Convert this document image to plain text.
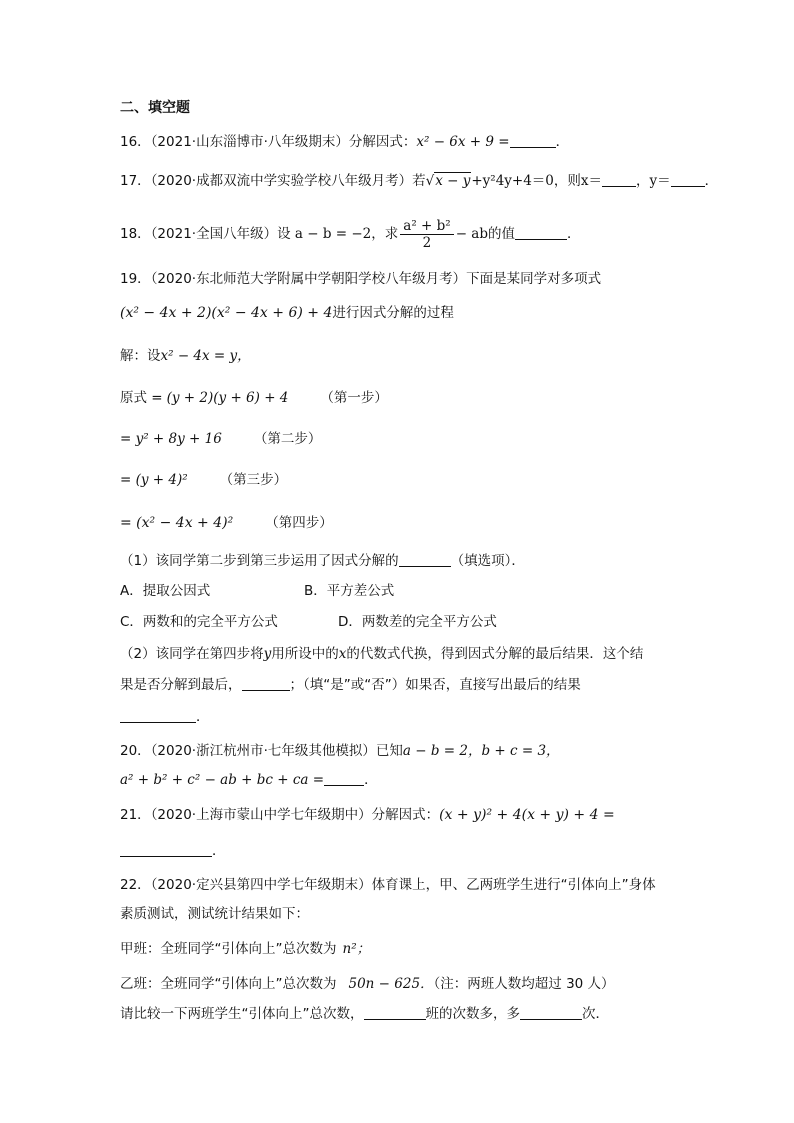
二、填空题
16．（2021·山东淄博市·八年级期末）分解因式：x² − 6x + 9 =	．
17．（2020·成都双流中学实验学校八年级月考）若√x − y+y²4y+4＝0，则x＝	，y＝	．
18．（2021·全国八年级）设 a − b = −2，求 $\frac{\text{a² + b²}}{2}$ − ab的值	．
19．（2020·东北师范大学附属中学朝阳学校八年级月考）下面是某同学对多项式
(x² − 4x + 2)(x² − 4x + 6) + 4进行因式分解的过程
解：设x² − 4x = y，
原式 = (y + 2)(y + 6) + 4 （第一步）
= y² + 8y + 16 （第二步）
= (y + 4)² （第三步）
= (x² − 4x + 4)² （第四步）
（1）该同学第二步到第三步运用了因式分解的	（填选项）．
A．提取公因式	B．平方差公式
C．两数和的完全平方公式	D．两数差的完全平方公式
（2）该同学在第四步将y用所设中的x的代数式代换，得到因式分解的最后结果．这个结
果是否分解到最后，	；（填“是”或“否”）如果否，直接写出最后的结果
．
20．（2020·浙江杭州市·七年级其他模拟）已知a − b = 2，b + c = 3，
a² + b² + c² − ab + bc + ca =	．
21．（2020·上海市蒙山中学七年级期中）分解因式：(x + y)² + 4(x + y) + 4 =
．
22．（2020·定兴县第四中学七年级期末）体育课上，甲、乙两班学生进行“引体向上”身体
素质测试，测试统计结果如下：
甲班：全班同学“引体向上”总次数为 n²；
乙班：全班同学“引体向上”总次数为 50n − 625．（注：两班人数均超过 30 人）
请比较一下两班学生“引体向上”总次数，	班的次数多，多	次．
